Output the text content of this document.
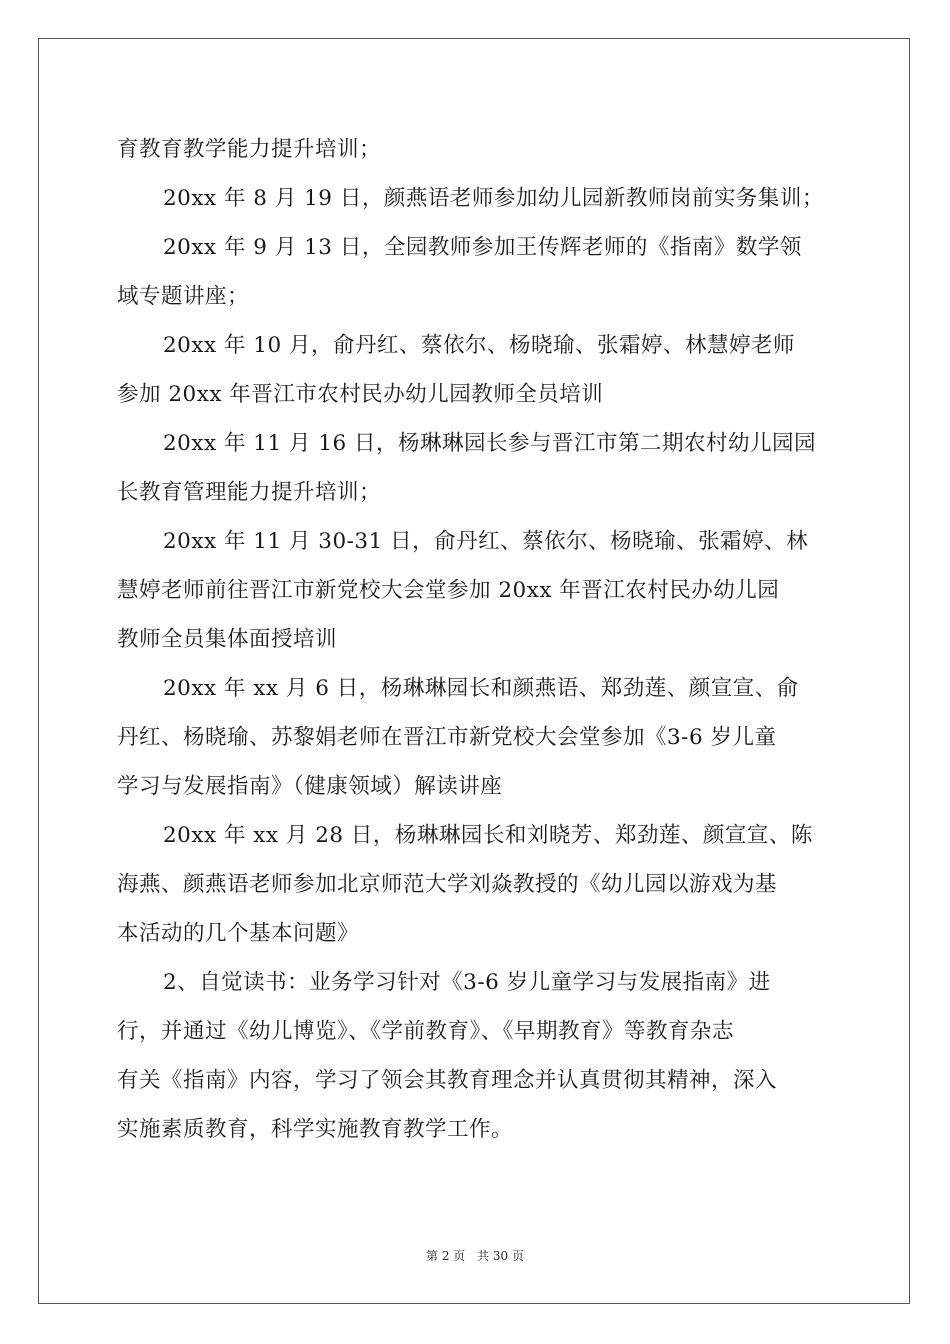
育教育教学能力提升培训；
20xx 年 8 月 19 日，颜燕语老师参加幼儿园新教师岗前实务集训；
20xx 年 9 月 13 日，全园教师参加王传辉老师的《指南》数学领
域专题讲座；
20xx 年 10 月，俞丹红、蔡依尔、杨晓瑜、张霜婷、林慧婷老师
参加 20xx 年晋江市农村民办幼儿园教师全员培训
20xx 年 11 月 16 日，杨琳琳园长参与晋江市第二期农村幼儿园园
长教育管理能力提升培训；
20xx 年 11 月 30-31 日，俞丹红、蔡依尔、杨晓瑜、张霜婷、林
慧婷老师前往晋江市新党校大会堂参加 20xx 年晋江农村民办幼儿园
教师全员集体面授培训
20xx 年 xx 月 6 日，杨琳琳园长和颜燕语、郑劲莲、颜宣宣、俞
丹红、杨晓瑜、苏黎娟老师在晋江市新党校大会堂参加《3-6 岁儿童
学习与发展指南》（健康领域）解读讲座
20xx 年 xx 月 28 日，杨琳琳园长和刘晓芳、郑劲莲、颜宣宣、陈
海燕、颜燕语老师参加北京师范大学刘焱教授的《幼儿园以游戏为基
本活动的几个基本问题》
2、自觉读书：业务学习针对《3-6 岁儿童学习与发展指南》进
行，并通过《幼儿博览》、《学前教育》、《早期教育》等教育杂志
有关《指南》内容，学习了领会其教育理念并认真贯彻其精神，深入
实施素质教育，科学实施教育教学工作。
第 2 页 共 30 页
